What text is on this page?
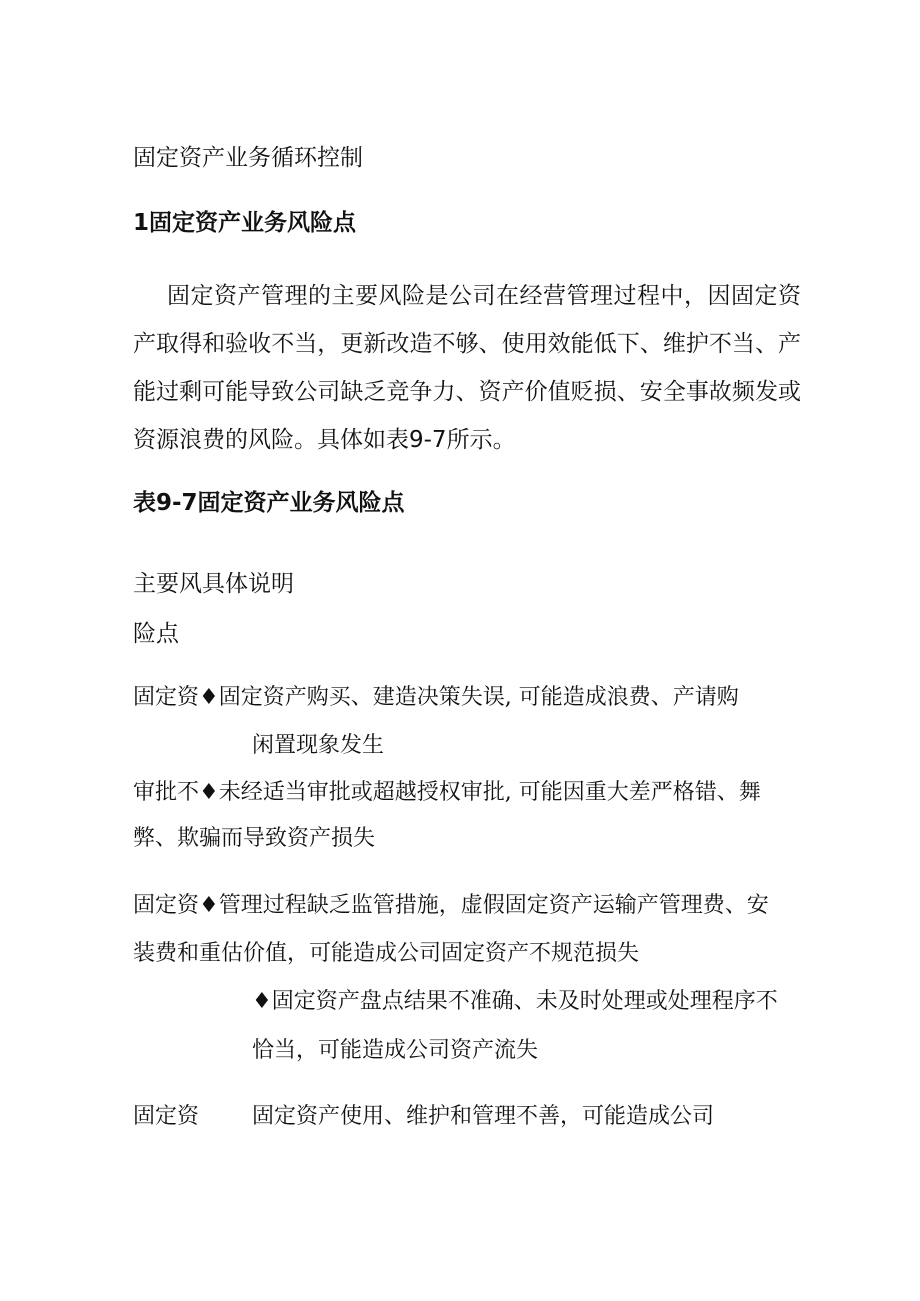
固定资产业务循环控制
1固定资产业务风险点
固定资产管理的主要风险是公司在经营管理过程中，因固定资产取得和验收不当，更新改造不够、使用效能低下、维护不当、产能过剩可能导致公司缺乏竞争力、资产价值贬损、安全事故频发或资源浪费的风险。具体如表9-7所示。
表9-7固定资产业务风险点
主要风具体说明
险点
固定资♦固定资产购买、建造决策失误, 可能造成浪费、产请购
闲置现象发生
审批不♦未经适当审批或超越授权审批, 可能因重大差严格错、舞
弊、欺骗而导致资产损失
固定资♦管理过程缺乏监管措施，虚假固定资产运输产管理费、安
装费和重估价值，可能造成公司固定资产不规范损失
♦固定资产盘点结果不准确、未及时处理或处理程序不
恰当，可能造成公司资产流失
固定资 固定资产使用、维护和管理不善，可能造成公司
